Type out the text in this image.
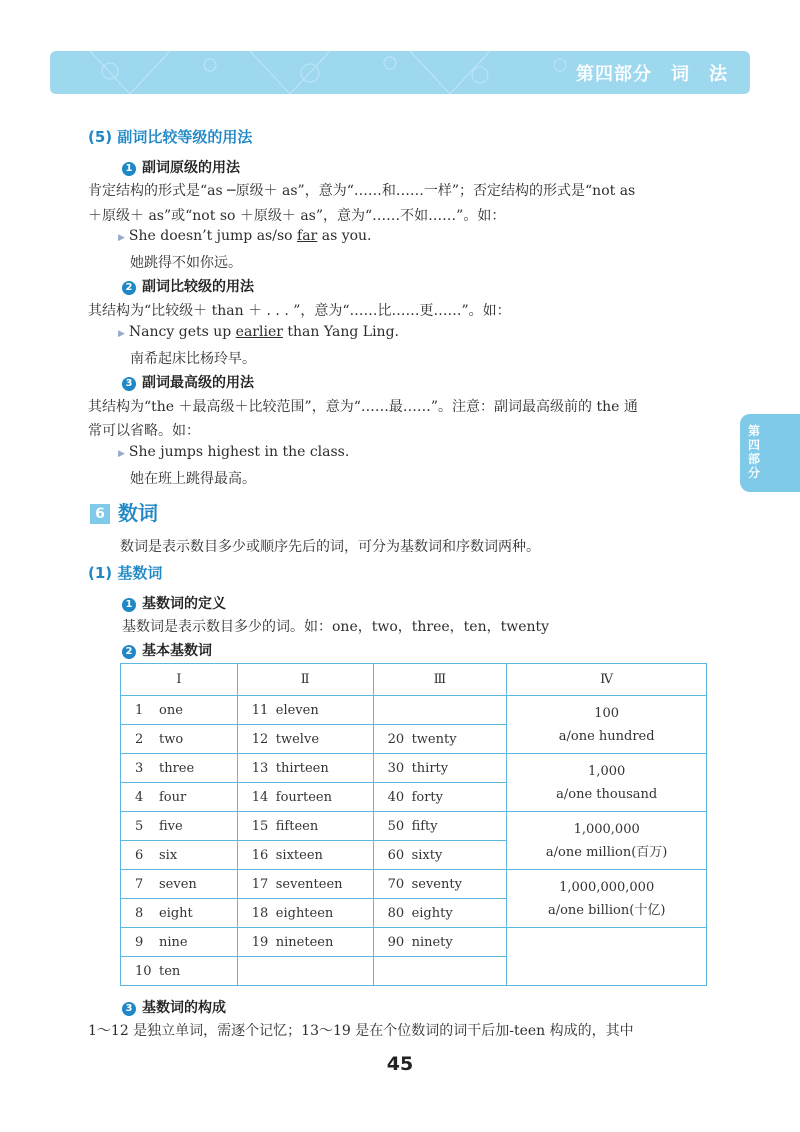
第四部分　词　法
第四部分
(5) 副词比较等级的用法
1 副词原级的用法
肯定结构的形式是“as ─原级＋ as”，意为“……和……一样”；否定结构的形式是“not as
＋原级＋ as”或“not so ＋原级＋ as”，意为“……不如……”。如：
▶ She doesn’t jump as/so far as you.
她跳得不如你远。
2 副词比较级的用法
其结构为“比较级＋ than ＋ . . . ”，意为“……比……更……”。如：
▶ Nancy gets up earlier than Yang Ling.
南希起床比杨玲早。
3 副词最高级的用法
其结构为“the ＋最高级＋比较范围”，意为“……最……”。注意：副词最高级前的 the 通
常可以省略。如：
▶ She jumps highest in the class.
她在班上跳得最高。
6 数词
数词是表示数目多少或顺序先后的词，可分为基数词和序数词两种。
(1) 基数词
1 基数词的定义
基数词是表示数目多少的词。如：one，two，three，ten，twenty
2 基本基数词
Ⅰ	Ⅱ	Ⅲ	Ⅳ
1 one	11 eleven		100
a/one hundred

2 two	12 twelve	20 twenty	
3 three	13 thirteen	30 thirty	1,000
a/one thousand

4 four	14 fourteen	40 forty	
5 five	15 fifteen	50 fifty	1,000,000
a/one million(百万)

6 six	16 sixteen	60 sixty	
7 seven	17 seventeen	70 seventy	1,000,000,000
a/one billion(十亿)

8 eight	18 eighteen	80 eighty	
9 nine	19 nineteen	90 ninety	
10 ten			
3 基数词的构成
1～12 是独立单词，需逐个记忆；13～19 是在个位数词的词干后加-teen 构成的，其中
45
